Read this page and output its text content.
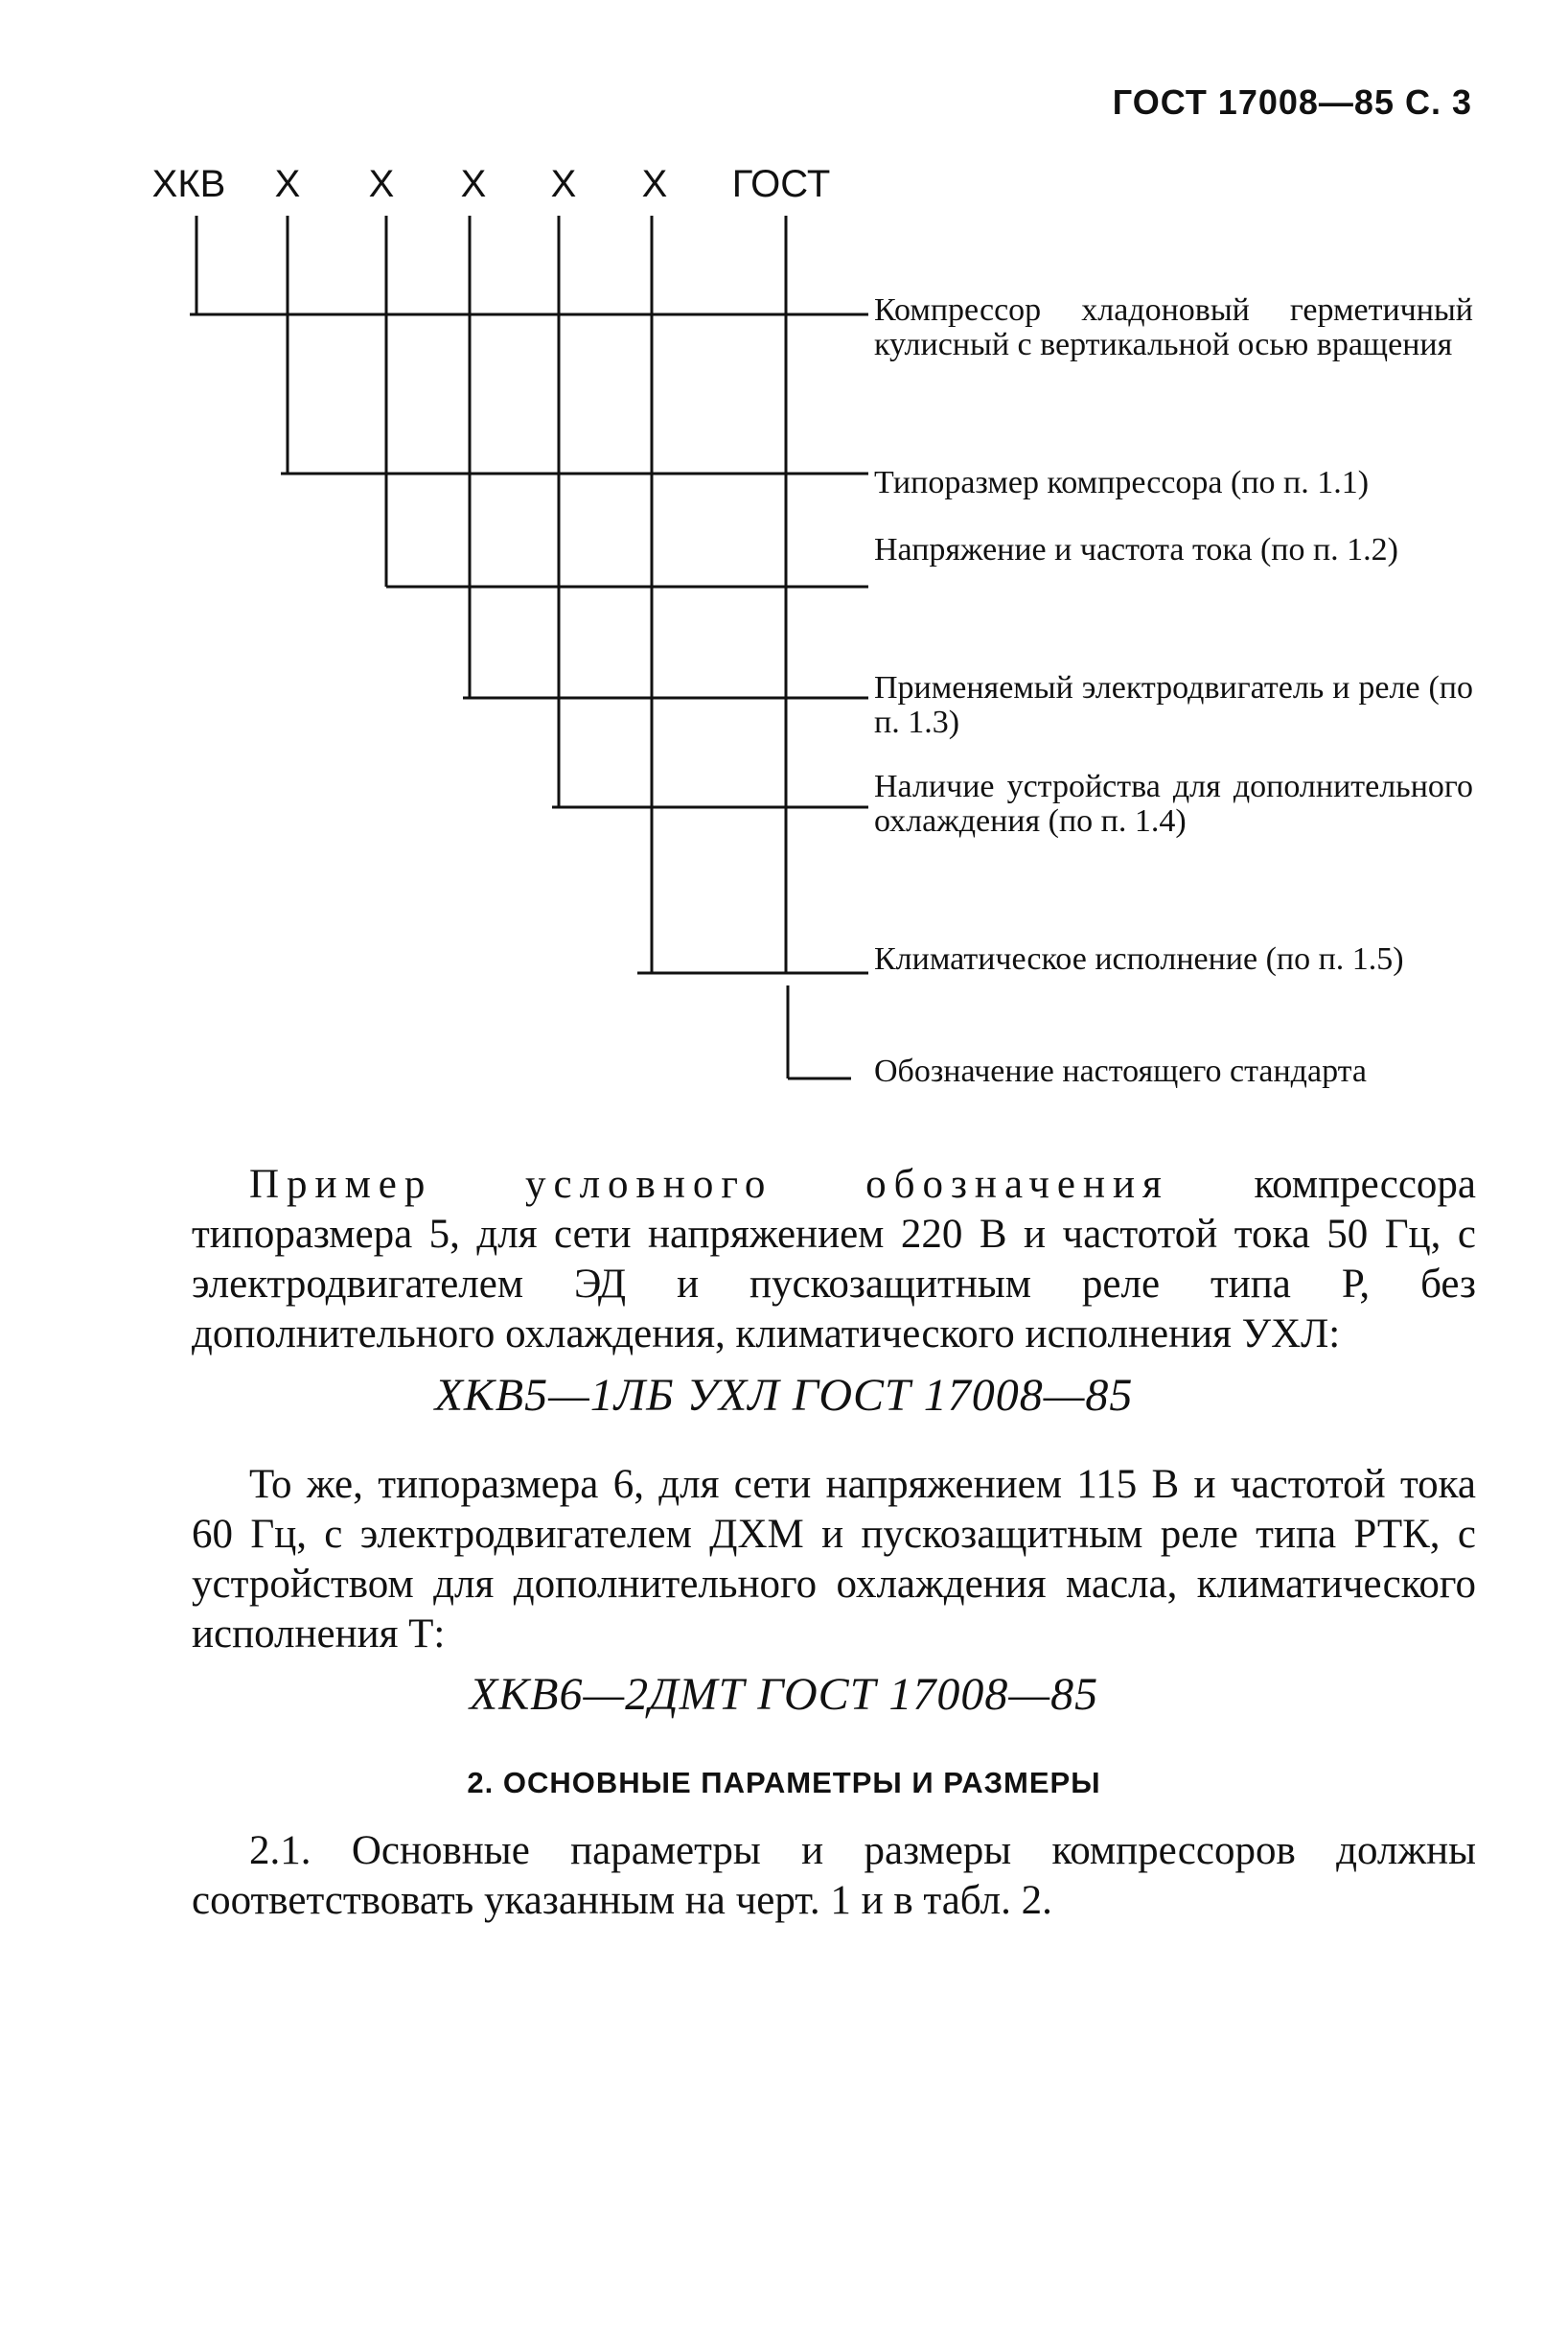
ГОСТ 17008—85 С. 3
ХКВ Х Х Х Х Х ГОСТ
Компрессор хладоновый герметичный кулисный с вертикальной осью вращения
Типоразмер компрессора (по п. 1.1)
Напряжение и частота тока (по п. 1.2)
Применяемый электродвигатель и реле (по п. 1.3)
Наличие устройства для дополнительного охлаждения (по п. 1.4)
Климатическое исполнение (по п. 1.5)
Обозначение настоящего стандарта

Пример условного обозначения компрессора типоразмера 5, для сети напряжением 220 В и частотой тока 50 Гц, с электродвигателем ЭД и пускозащитным реле типа Р, без дополнительного охлаждения, климатического исполнения УХЛ:

ХКВ5—1ЛБ УХЛ ГОСТ 17008—85

То же, типоразмера 6, для сети напряжением 115 В и частотой тока 60 Гц, с электродвигателем ДХМ и пускозащитным реле типа РТК, с устройством для дополнительного охлаждения масла, климатического исполнения Т:

ХКВ6—2ДМТ ГОСТ 17008—85
2. ОСНОВНЫЕ ПАРАМЕТРЫ И РАЗМЕРЫ

2.1. Основные параметры и размеры компрессоров должны соответствовать указанным на черт. 1 и в табл. 2.
